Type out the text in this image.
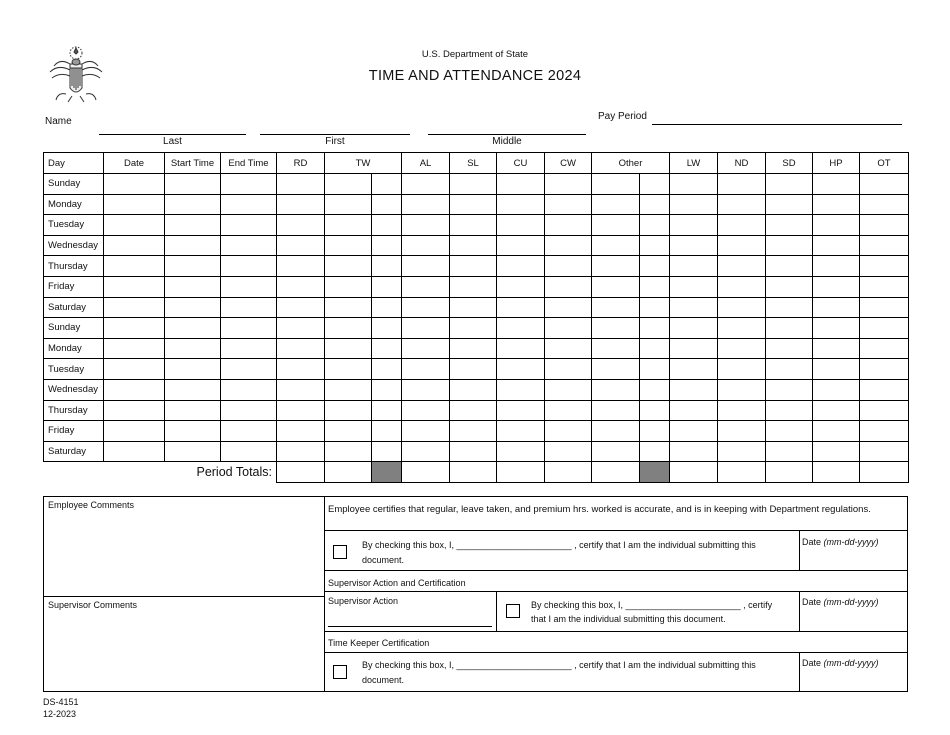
U.S. Department of State
TIME AND ATTENDANCE 2024
Name
Last	First	Middle
Pay Period
Day	Date	Start Time	End Time	RD	TW		AL	SL	CU	CW	Other		LW	ND	SD	HP	OT
Sunday																	
Monday																	
Tuesday																	
Wednesday																	
Thursday																	
Friday																	
Saturday																	
Sunday																	
Monday																	
Tuesday																	
Wednesday																	
Thursday																	
Friday																	
Saturday																	
Period Totals:																	
Employee Comments
Supervisor Comments
Employee certifies that regular, leave taken, and premium hrs. worked is accurate, and is in keeping with Department regulations.
By checking this box, I, _______________________ , certify that I am the individual submitting this
document.
Date (mm-dd-yyyy)
Supervisor Action and Certification
Supervisor Action	By checking this box, I, _______________________ , certify
that I am the individual submitting this document.
Date (mm-dd-yyyy)
Time Keeper Certification
By checking this box, I, _______________________ , certify that I am the individual submitting this
document.
Date (mm-dd-yyyy)
DS-4151
12-2023
